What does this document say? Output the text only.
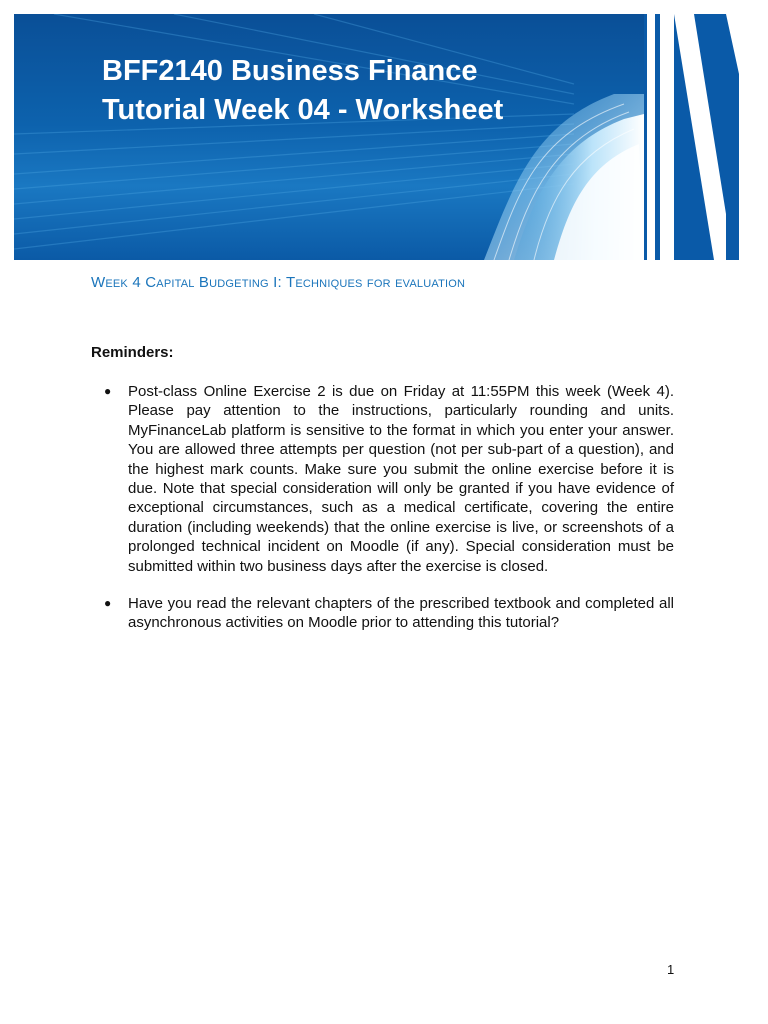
BFF2140 Business Finance
Tutorial Week 04 - Worksheet
Week 4 Capital Budgeting I: Techniques for evaluation

Reminders:

● Post-class Online Exercise 2 is due on Friday at 11:55PM this week (Week 4). Please pay attention to the instructions, particularly rounding and units. MyFinanceLab platform is sensitive to the format in which you enter your answer. You are allowed three attempts per question (not per sub-part of a question), and the highest mark counts. Make sure you submit the online exercise before it is due. Note that special consideration will only be granted if you have evidence of exceptional circumstances, such as a medical certificate, covering the entire duration (including weekends) that the online exercise is live, or screenshots of a prolonged technical incident on Moodle (if any). Special consideration must be submitted within two business days after the exercise is closed.
● Have you read the relevant chapters of the prescribed textbook and completed all asynchronous activities on Moodle prior to attending this tutorial?
1
